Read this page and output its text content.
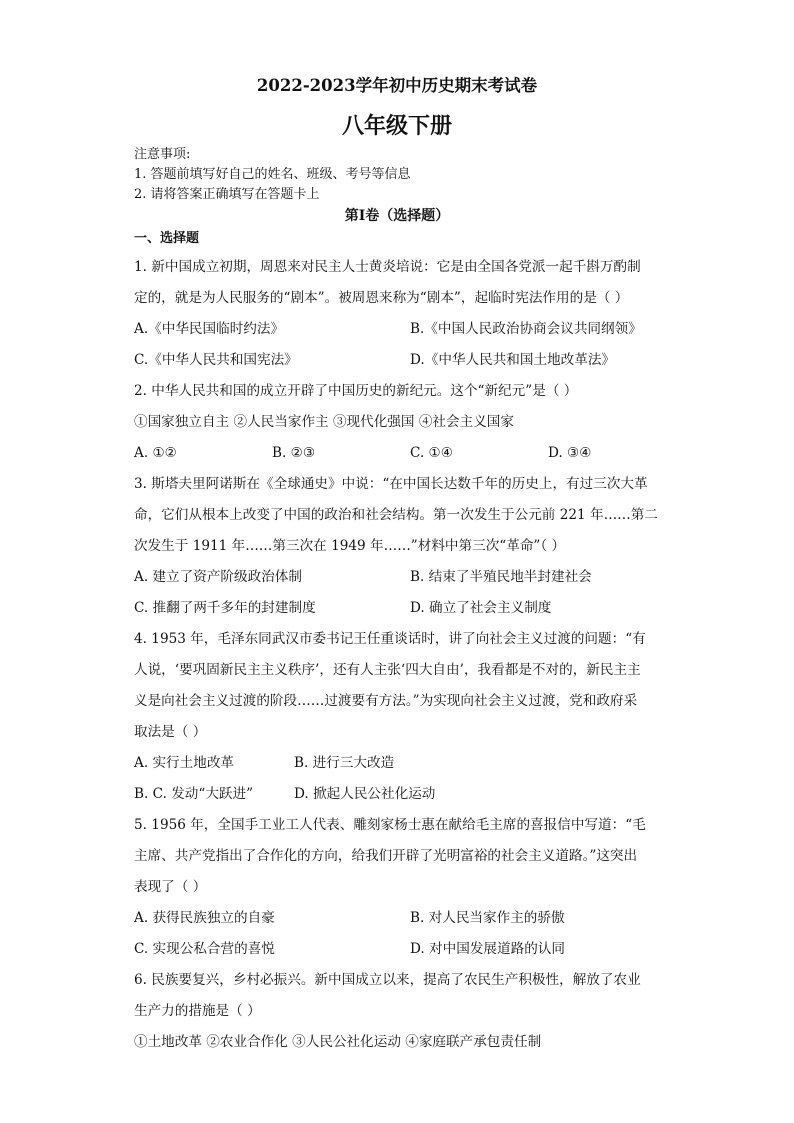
2022-2023学年初中历史期末考试卷
八年级下册
注意事项:
1. 答题前填写好自己的姓名、班级、考号等信息
2. 请将答案正确填写在答题卡上
第I卷（选择题）
一、选择题
1. 新中国成立初期，周恩来对民主人士黄炎培说：它是由全国各党派一起千斟万酌制
定的，就是为人民服务的“剧本”。被周恩来称为“剧本”，起临时宪法作用的是（ ）
A.《中华民国临时约法》	B.《中国人民政治协商会议共同纲领》
C.《中华人民共和国宪法》	D.《中华人民共和国土地改革法》
2. 中华人民共和国的成立开辟了中国历史的新纪元。这个“新纪元”是（ ）
①国家独立自主 ②人民当家作主 ③现代化强国 ④社会主义国家
A. ①②	B. ②③	C. ①④	D. ③④
3. 斯塔夫里阿诺斯在《全球通史》中说：“在中国长达数千年的历史上，有过三次大革
命，它们从根本上改变了中国的政治和社会结构。第一次发生于公元前 221 年……第二
次发生于 1911 年……第三次在 1949 年……”材料中第三次“革命”（ ）
A. 建立了资产阶级政治体制	B. 结束了半殖民地半封建社会
C. 推翻了两千多年的封建制度	D. 确立了社会主义制度
4. 1953 年，毛泽东同武汉市委书记王任重谈话时，讲了向社会主义过渡的问题：“有
人说，‘要巩固新民主主义秩序’，还有人主张‘四大自由’，我看都是不对的，新民主主
义是向社会主义过渡的阶段……过渡要有方法。”为实现向社会主义过渡，党和政府采
取法是（ ）
A. 实行土地改革	B. 进行三大改造
B. C. 发动“大跃进”	D. 掀起人民公社化运动
5. 1956 年，全国手工业工人代表、雕刻家杨士惠在献给毛主席的喜报信中写道：“毛
主席、共产党指出了合作化的方向，给我们开辟了光明富裕的社会主义道路。”这突出
表现了（ ）
A. 获得民族独立的自豪	B. 对人民当家作主的骄傲
C. 实现公私合营的喜悦	D. 对中国发展道路的认同
6. 民族要复兴，乡村必振兴。新中国成立以来，提高了农民生产积极性，解放了农业
生产力的措施是（ ）
①土地改革 ②农业合作化 ③人民公社化运动 ④家庭联产承包责任制
